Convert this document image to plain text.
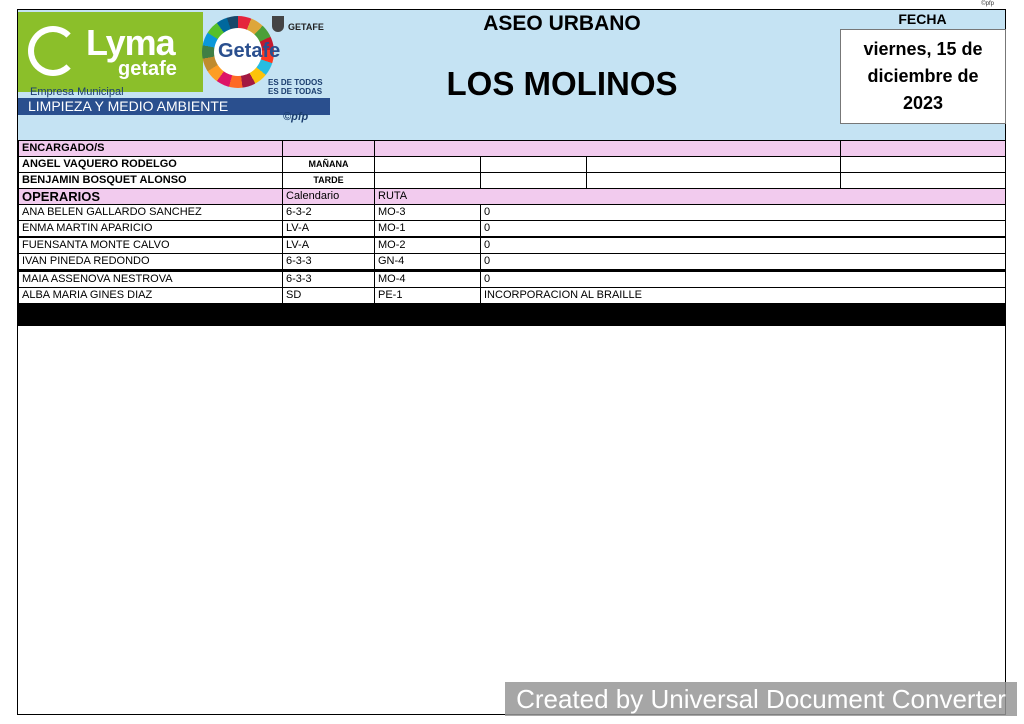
©pfp
Lyma
getafe
Empresa Municipal
LIMPIEZA Y MEDIO AMBIENTE
Getafe
GETAFE
ES DE TODOS
ES DE TODAS
©pfp
ASEO URBANO
LOS MOLINOS
FECHA
viernes, 15 de diciembre de 2023
ENCARGADO/S					
ANGEL VAQUERO RODELGO	MAÑANA				
BENJAMIN BOSQUET ALONSO	TARDE				
OPERARIOS	Calendario	RUTA			
ANA BELEN GALLARDO SANCHEZ	6-3-2	MO-3	0		
ENMA MARTIN APARICIO	LV-A	MO-1	0		

FUENSANTA MONTE CALVO	LV-A	MO-2	0		
IVAN PINEDA REDONDO	6-3-3	GN-4	0		

MAIA ASSENOVA NESTROVA	6-3-3	MO-4	0		
ALBA MARIA GINES DIAZ	SD	PE-1	INCORPORACION AL BRAILLE		

Created by Universal Document Converter
